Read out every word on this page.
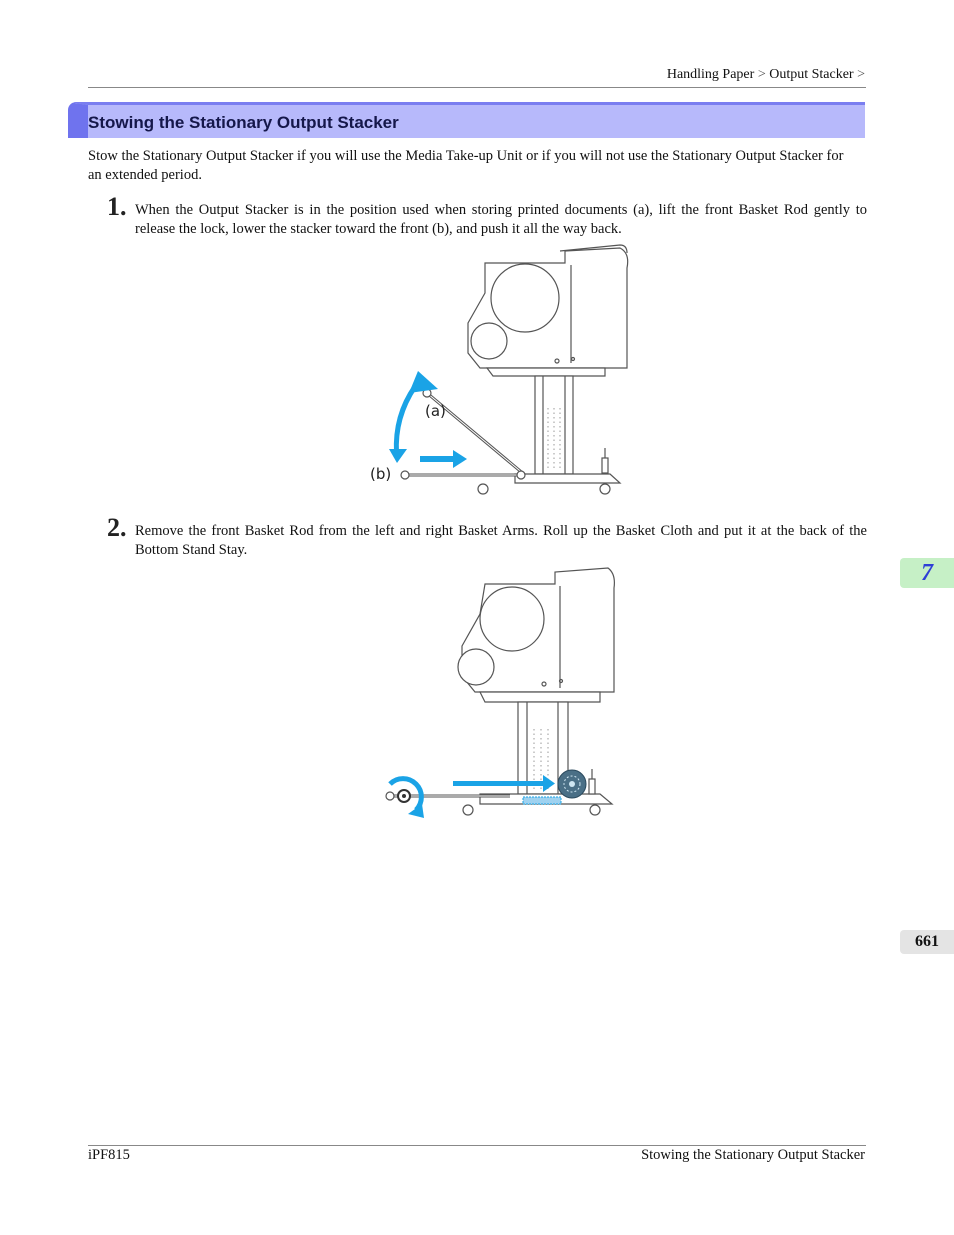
Handling Paper > Output Stacker >
Stowing the Stationary Output Stacker
Stow the Stationary Output Stacker if you will use the Media Take-up Unit or if you will not use the Stationary Output Stacker for an extended period.
1. When the Output Stacker is in the position used when storing printed documents (a), lift the front Basket Rod gently to release the lock, lower the stacker toward the front (b), and push it all the way back.
(a)
(b)
2. Remove the front Basket Rod from the left and right Basket Arms. Roll up the Basket Cloth and put it at the back of the Bottom Stand Stay.
7
661
iPF815	Stowing the Stationary Output Stacker
